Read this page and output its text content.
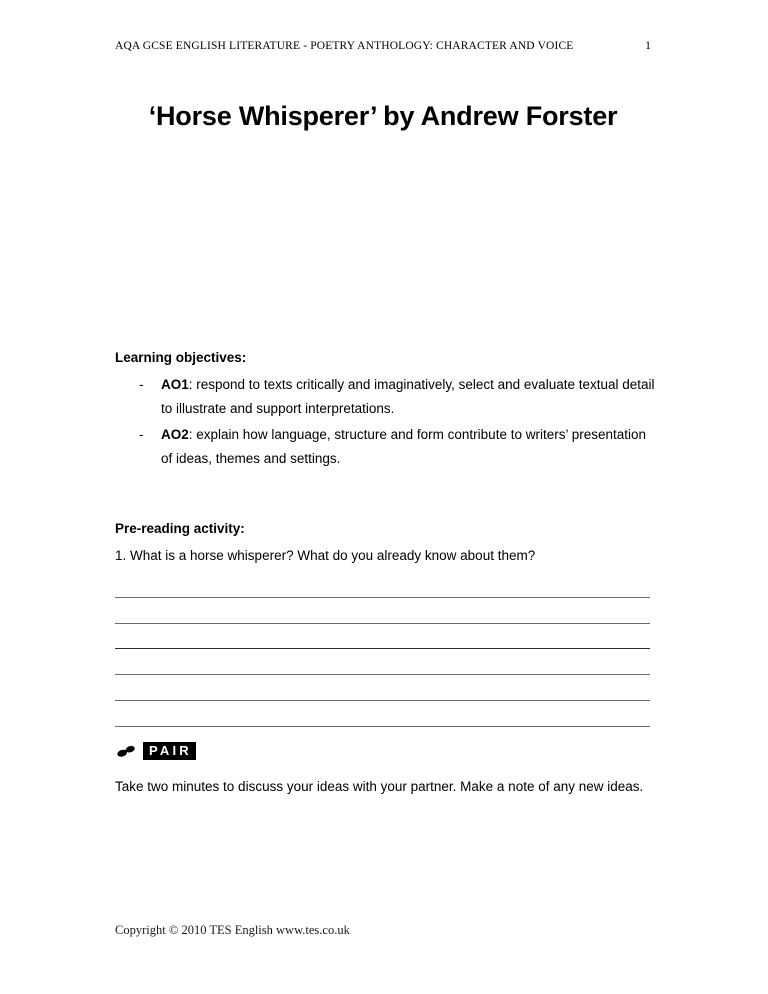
AQA GCSE ENGLISH LITERATURE - POETRY ANTHOLOGY: CHARACTER AND VOICE	1
‘Horse Whisperer’ by Andrew Forster
Learning objectives:
-	AO1: respond to texts critically and imaginatively, select and evaluate textual detail to illustrate and support interpretations.
-	AO2: explain how language, structure and form contribute to writers’ presentation of ideas, themes and settings.
Pre-reading activity:
1. What is a horse whisperer? What do you already know about them?
PAIR
Take two minutes to discuss your ideas with your partner. Make a note of any new ideas.
Copyright © 2010 TES English www.tes.co.uk
